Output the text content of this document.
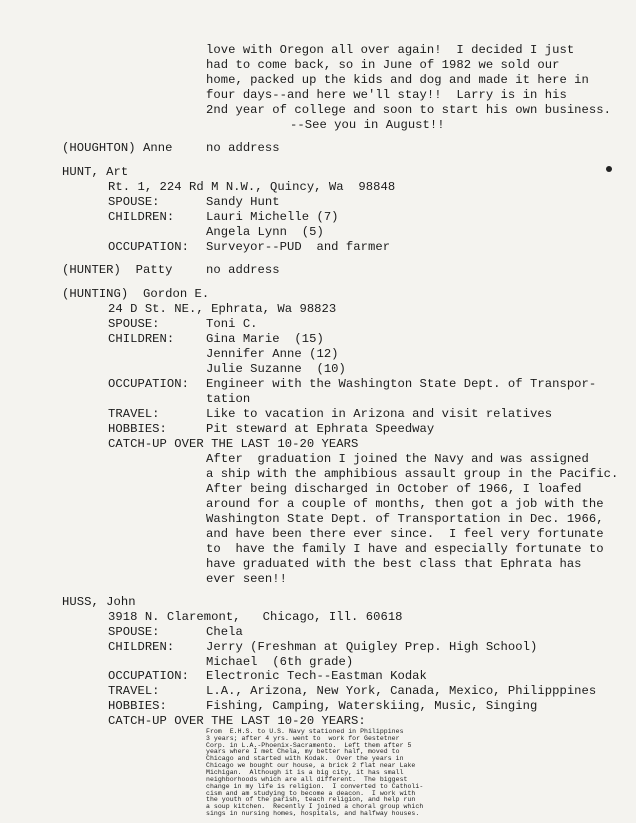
love with Oregon all over again!  I decided I just
had to come back, so in June of 1982 we sold our
home, packed up the kids and dog and made it here in
four days--and here we'll stay!!  Larry is in his
2nd year of college and soon to start his own business.
--See you in August!!
(HOUGHTON) Anne	no address
HUNT, Art
Rt. 1, 224 Rd M N.W., Quincy, Wa  98848
SPOUSE:	Sandy Hunt
CHILDREN:	Lauri Michelle (7)
Angela Lynn  (5)
OCCUPATION: Surveyor--PUD  and farmer
(HUNTER)  Patty	no address
(HUNTING)  Gordon E.
24 D St. NE., Ephrata, Wa 98823
SPOUSE:	Toni C.
CHILDREN:	Gina Marie  (15)
Jennifer Anne (12)
Julie Suzanne  (10)
OCCUPATION: Engineer with the Washington State Dept. of Transpor-
tation
TRAVEL:	Like to vacation in Arizona and visit relatives
HOBBIES:	Pit steward at Ephrata Speedway
CATCH-UP OVER THE LAST 10-20 YEARS
After  graduation I joined the Navy and was assigned
a ship with the amphibious assault group in the Pacific.
After being discharged in October of 1966, I loafed
around for a couple of months, then got a job with the
Washington State Dept. of Transportation in Dec. 1966,
and have been there ever since.  I feel very fortunate
to  have the family I have and especially fortunate to
have graduated with the best class that Ephrata has
ever seen!!
HUSS, John
3918 N. Claremont,   Chicago, Ill. 60618
SPOUSE:	Chela
CHILDREN:	Jerry (Freshman at Quigley Prep. High School)
Michael  (6th grade)
OCCUPATION: Electronic Tech--Eastman Kodak
TRAVEL:	L.A., Arizona, New York, Canada, Mexico, Philipppines
HOBBIES:	Fishing, Camping, Waterskiing, Music, Singing
CATCH-UP OVER THE LAST 10-20 YEARS:
From  E.H.S. to U.S. Navy stationed in Philippines
3 years; after 4 yrs. went to  work for Gestetner
Corp. in L.A.-Phoenix-Sacramento.  Left them after 5
years where I met Chela, my better half, moved to
Chicago and started with Kodak.  Over the years in
Chicago we bought our house, a brick 2 flat near Lake
Michigan.  Although it is a big city, it has small
neighborhoods which are all different.  The biggest
change in my life is religion.  I converted to Catholi-
cism and am studying to become a deacon.  I work with
the youth of the parish, teach religion, and help run
a soup kitchen.  Recently I joined a choral group which
sings in nursing homes, hospitals, and halfway houses.
